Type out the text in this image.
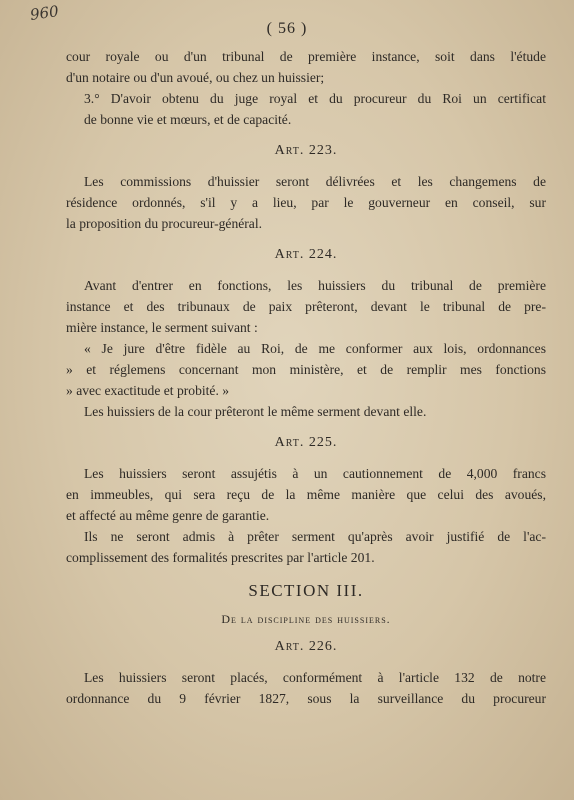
960
( 56 )

cour royale ou d'un tribunal de première instance, soit dans l'étude
d'un notaire ou d'un avoué, ou chez un huissier;

3.° D'avoir obtenu du juge royal et du procureur du Roi un certificat
de bonne vie et mœurs, et de capacité.

Art. 223.

Les commissions d'huissier seront délivrées et les changemens de
résidence ordonnés, s'il y a lieu, par le gouverneur en conseil, sur
la proposition du procureur-général.

Art. 224.

Avant d'entrer en fonctions, les huissiers du tribunal de première
instance et des tribunaux de paix prêteront, devant le tribunal de pre-
mière instance, le serment suivant :

« Je jure d'être fidèle au Roi, de me conformer aux lois, ordonnances
» et réglemens concernant mon ministère, et de remplir mes fonctions
» avec exactitude et probité. »

Les huissiers de la cour prêteront le même serment devant elle.

Art. 225.

Les huissiers seront assujétis à un cautionnement de 4,000 francs
en immeubles, qui sera reçu de la même manière que celui des avoués,
et affecté au même genre de garantie.

Ils ne seront admis à prêter serment qu'après avoir justifié de l'ac-
complissement des formalités prescrites par l'article 201.

SECTION III.
De la discipline des huissiers.
Art. 226.

Les huissiers seront placés, conformément à l'article 132 de notre
ordonnance du 9 février 1827, sous la surveillance du procureur
